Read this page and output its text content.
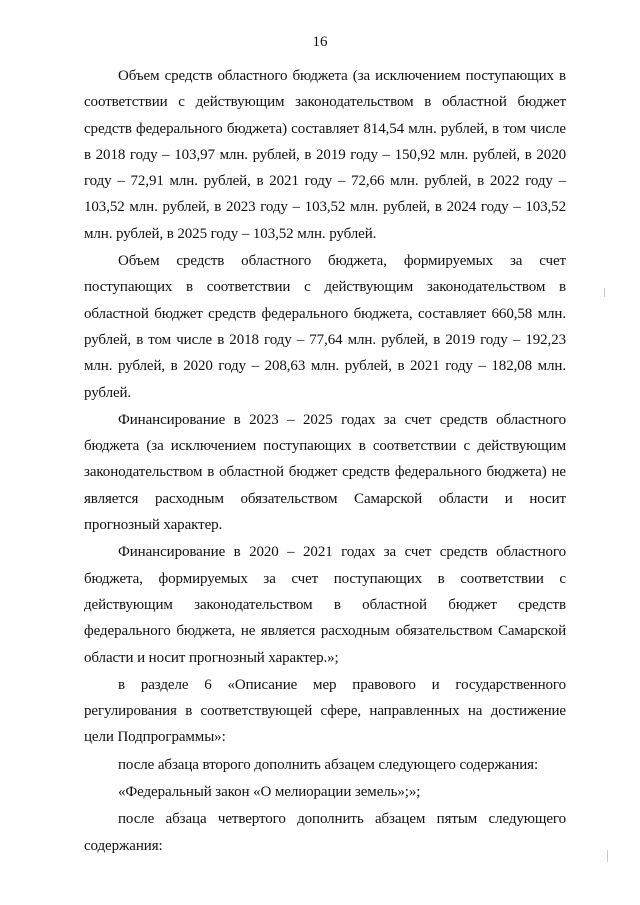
16

Объем средств областного бюджета (за исключением поступающих в соответствии с действующим законодательством в областной бюджет средств федерального бюджета) составляет 814,54 млн. рублей, в том числе в 2018 году – 103,97 млн. рублей, в 2019 году – 150,92 млн. рублей, в 2020 году – 72,91 млн. рублей, в 2021 году – 72,66 млн. рублей, в 2022 году – 103,52 млн. рублей, в 2023 году – 103,52 млн. рублей, в 2024 году – 103,52 млн. рублей, в 2025 году – 103,52 млн. рублей.

Объем средств областного бюджета, формируемых за счет поступающих в соответствии с действующим законодательством в областной бюджет средств федерального бюджета, составляет 660,58 млн. рублей, в том числе в 2018 году – 77,64 млн. рублей, в 2019 году – 192,23 млн. рублей, в 2020 году – 208,63 млн. рублей, в 2021 году – 182,08 млн. рублей.

Финансирование в 2023 – 2025 годах за счет средств областного бюджета (за исключением поступающих в соответствии с действующим законодательством в областной бюджет средств федерального бюджета) не является расходным обязательством Самарской области и носит прогнозный характер.

Финансирование в 2020 – 2021 годах за счет средств областного бюджета, формируемых за счет поступающих в соответствии с действующим законодательством в областной бюджет средств федерального бюджета, не является расходным обязательством Самарской области и носит прогнозный характер.»;

в разделе 6 «Описание мер правового и государственного регулирования в соответствующей сфере, направленных на достижение цели Подпрограммы»:

после абзаца второго дополнить абзацем следующего содержания:

«Федеральный закон «О мелиорации земель»;»;

после абзаца четвертого дополнить абзацем пятым следующего содержания:
